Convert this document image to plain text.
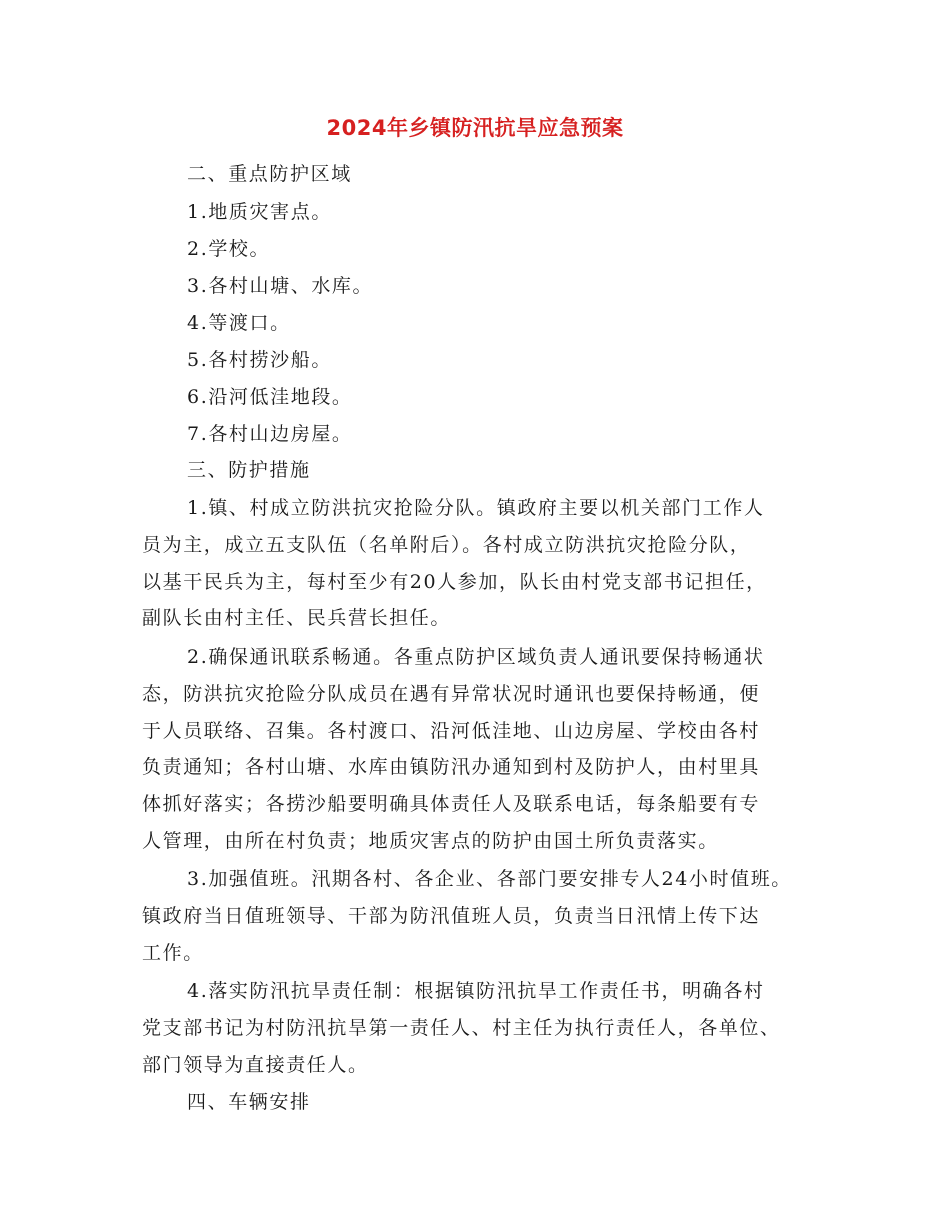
2024年乡镇防汛抗旱应急预案
二、重点防护区域
1.地质灾害点。
2.学校。
3.各村山塘、水库。
4.等渡口。
5.各村捞沙船。
6.沿河低洼地段。
7.各村山边房屋。
三、防护措施
1.镇、村成立防洪抗灾抢险分队。镇政府主要以机关部门工作人
员为主，成立五支队伍（名单附后）。各村成立防洪抗灾抢险分队，
以基干民兵为主，每村至少有20人参加，队长由村党支部书记担任，
副队长由村主任、民兵营长担任。
2.确保通讯联系畅通。各重点防护区域负责人通讯要保持畅通状
态，防洪抗灾抢险分队成员在遇有异常状况时通讯也要保持畅通，便
于人员联络、召集。各村渡口、沿河低洼地、山边房屋、学校由各村
负责通知；各村山塘、水库由镇防汛办通知到村及防护人，由村里具
体抓好落实；各捞沙船要明确具体责任人及联系电话，每条船要有专
人管理，由所在村负责；地质灾害点的防护由国土所负责落实。
3.加强值班。汛期各村、各企业、各部门要安排专人24小时值班。
镇政府当日值班领导、干部为防汛值班人员，负责当日汛情上传下达
工作。
4.落实防汛抗旱责任制：根据镇防汛抗旱工作责任书，明确各村
党支部书记为村防汛抗旱第一责任人、村主任为执行责任人，各单位、
部门领导为直接责任人。
四、车辆安排
